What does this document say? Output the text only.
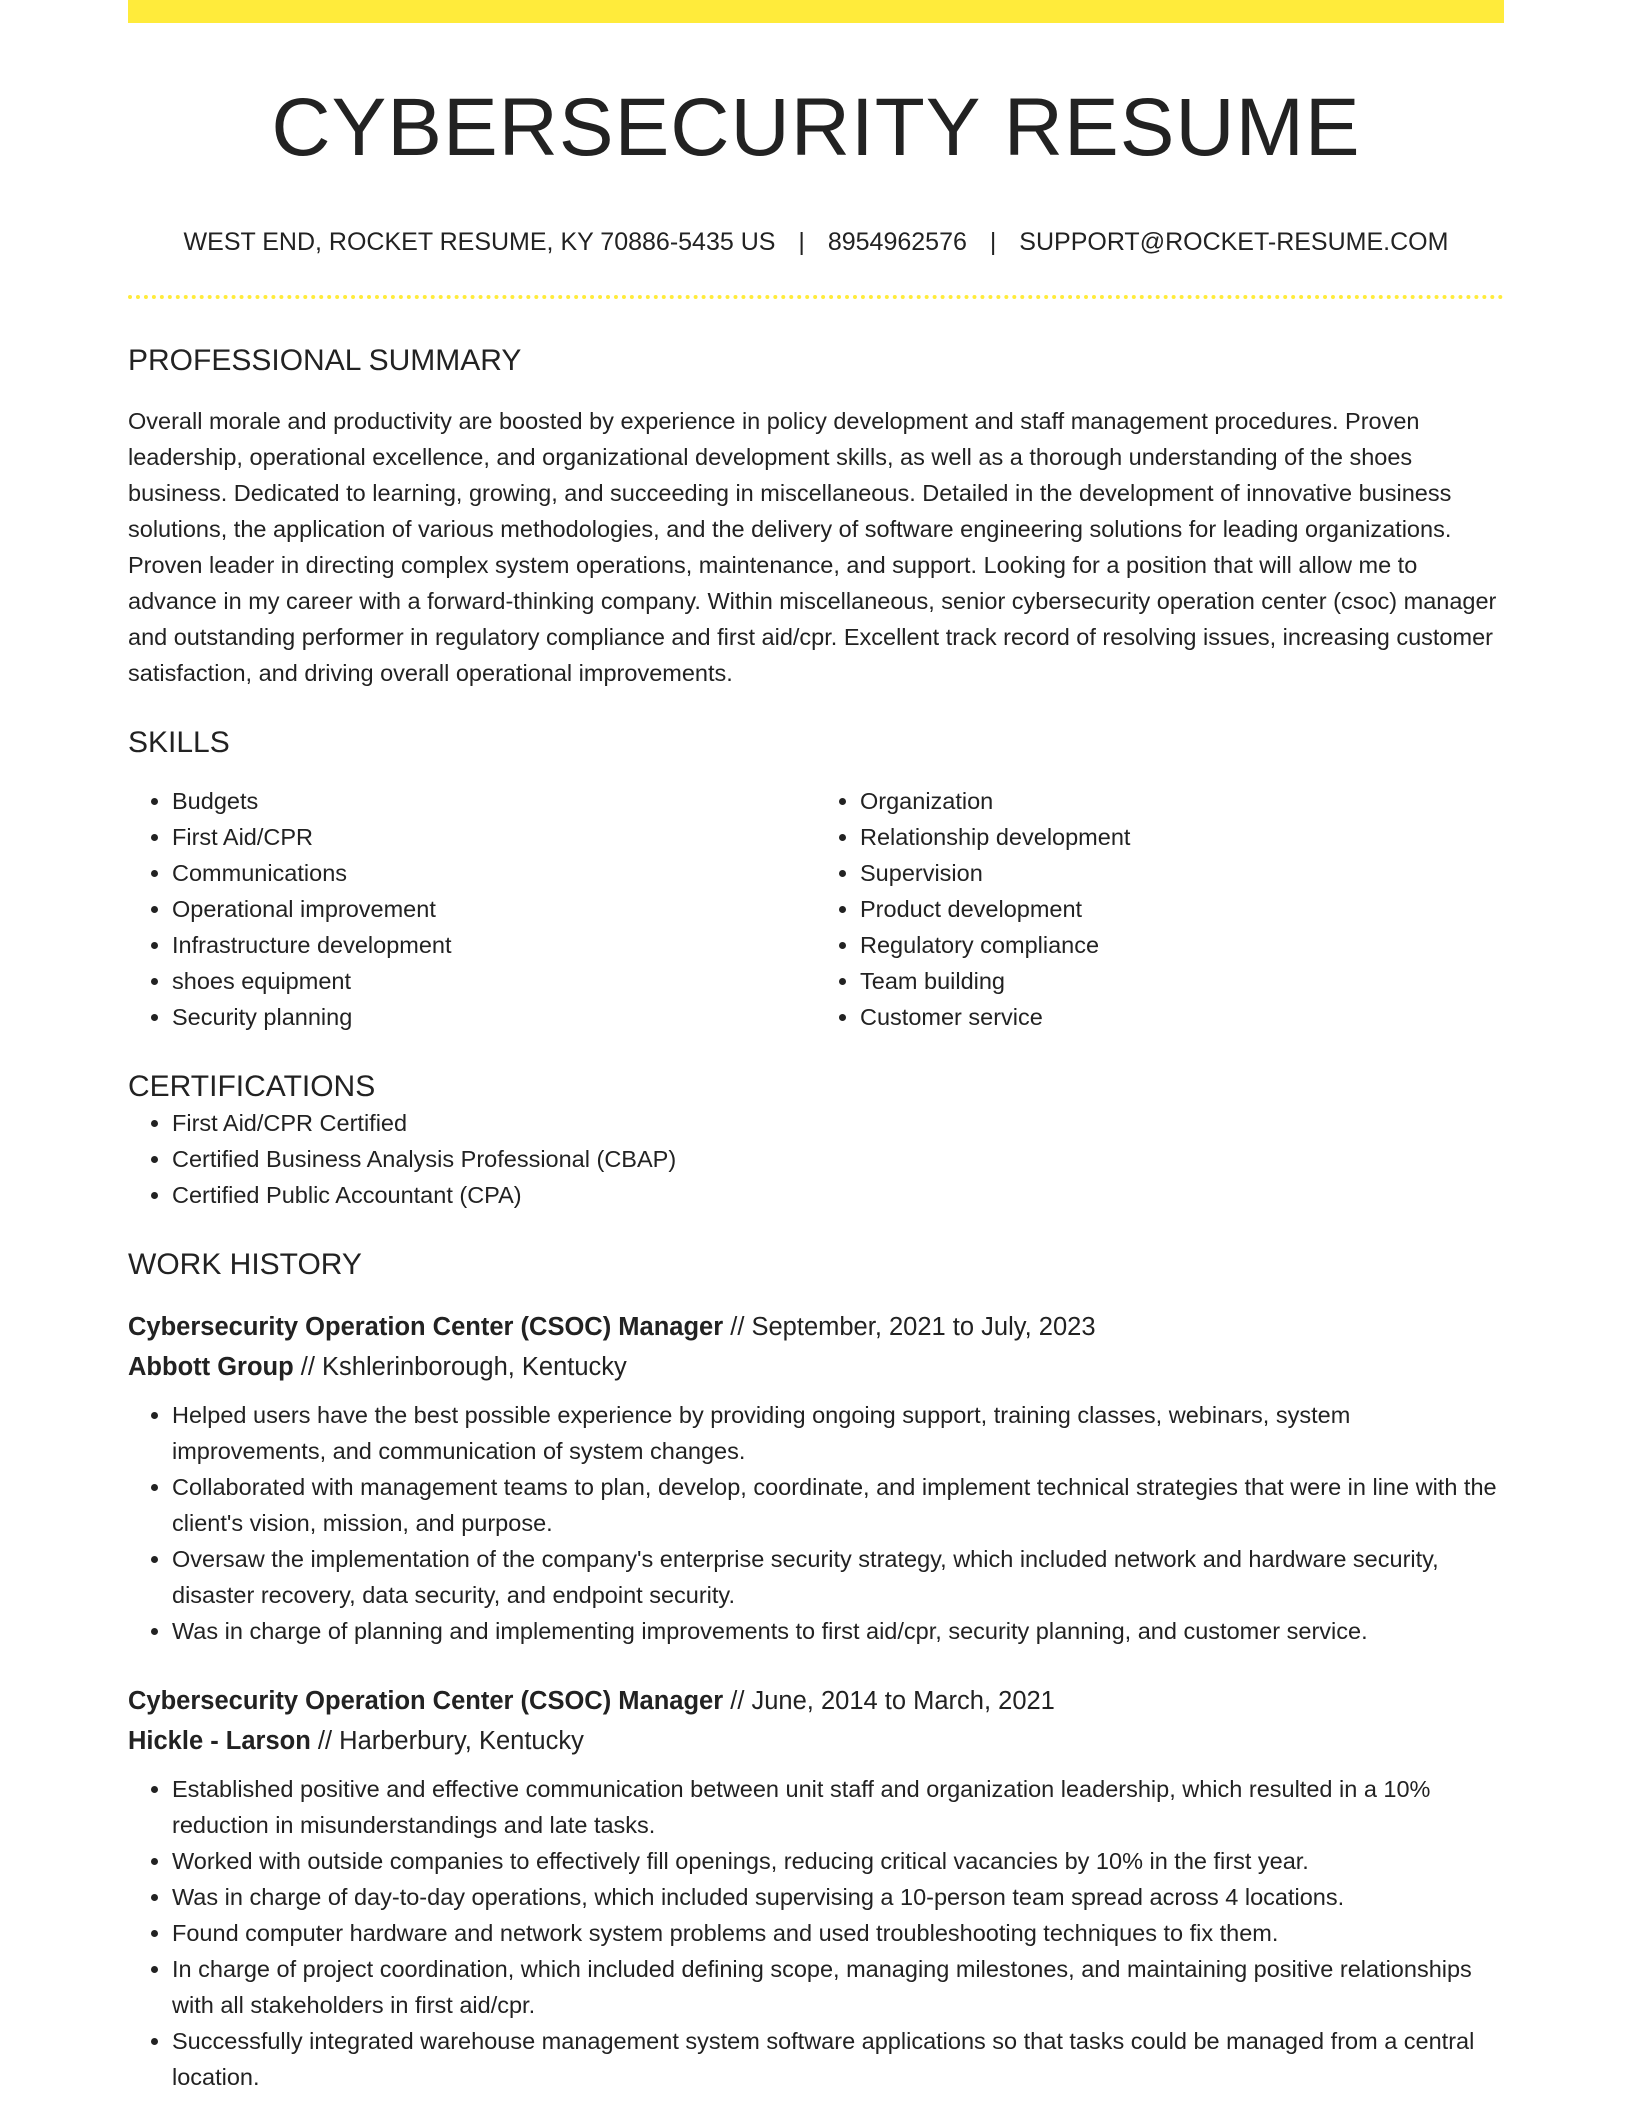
CYBERSECURITY RESUME
WEST END, ROCKET RESUME, KY 70886-5435 US | 8954962576 | SUPPORT@ROCKET-RESUME.COM
PROFESSIONAL SUMMARY
Overall morale and productivity are boosted by experience in policy development and staff management procedures. Proven leadership, operational excellence, and organizational development skills, as well as a thorough understanding of the shoes business. Dedicated to learning, growing, and succeeding in miscellaneous. Detailed in the development of innovative business solutions, the application of various methodologies, and the delivery of software engineering solutions for leading organizations. Proven leader in directing complex system operations, maintenance, and support. Looking for a position that will allow me to advance in my career with a forward-thinking company. Within miscellaneous, senior cybersecurity operation center (csoc) manager and outstanding performer in regulatory compliance and first aid/cpr. Excellent track record of resolving issues, increasing customer satisfaction, and driving overall operational improvements.
SKILLS
• Budgets
• First Aid/CPR
• Communications
• Operational improvement
• Infrastructure development
• shoes equipment
• Security planning
• Organization
• Relationship development
• Supervision
• Product development
• Regulatory compliance
• Team building
• Customer service
CERTIFICATIONS
• First Aid/CPR Certified
• Certified Business Analysis Professional (CBAP)
• Certified Public Accountant (CPA)
WORK HISTORY
Cybersecurity Operation Center (CSOC) Manager // September, 2021 to July, 2023
Abbott Group // Kshlerinborough, Kentucky
• Helped users have the best possible experience by providing ongoing support, training classes, webinars, system improvements, and communication of system changes.
• Collaborated with management teams to plan, develop, coordinate, and implement technical strategies that were in line with the client's vision, mission, and purpose.
• Oversaw the implementation of the company's enterprise security strategy, which included network and hardware security, disaster recovery, data security, and endpoint security.
• Was in charge of planning and implementing improvements to first aid/cpr, security planning, and customer service.
Cybersecurity Operation Center (CSOC) Manager // June, 2014 to March, 2021
Hickle - Larson // Harberbury, Kentucky
• Established positive and effective communication between unit staff and organization leadership, which resulted in a 10% reduction in misunderstandings and late tasks.
• Worked with outside companies to effectively fill openings, reducing critical vacancies by 10% in the first year.
• Was in charge of day-to-day operations, which included supervising a 10-person team spread across 4 locations.
• Found computer hardware and network system problems and used troubleshooting techniques to fix them.
• In charge of project coordination, which included defining scope, managing milestones, and maintaining positive relationships with all stakeholders in first aid/cpr.
• Successfully integrated warehouse management system software applications so that tasks could be managed from a central location.
